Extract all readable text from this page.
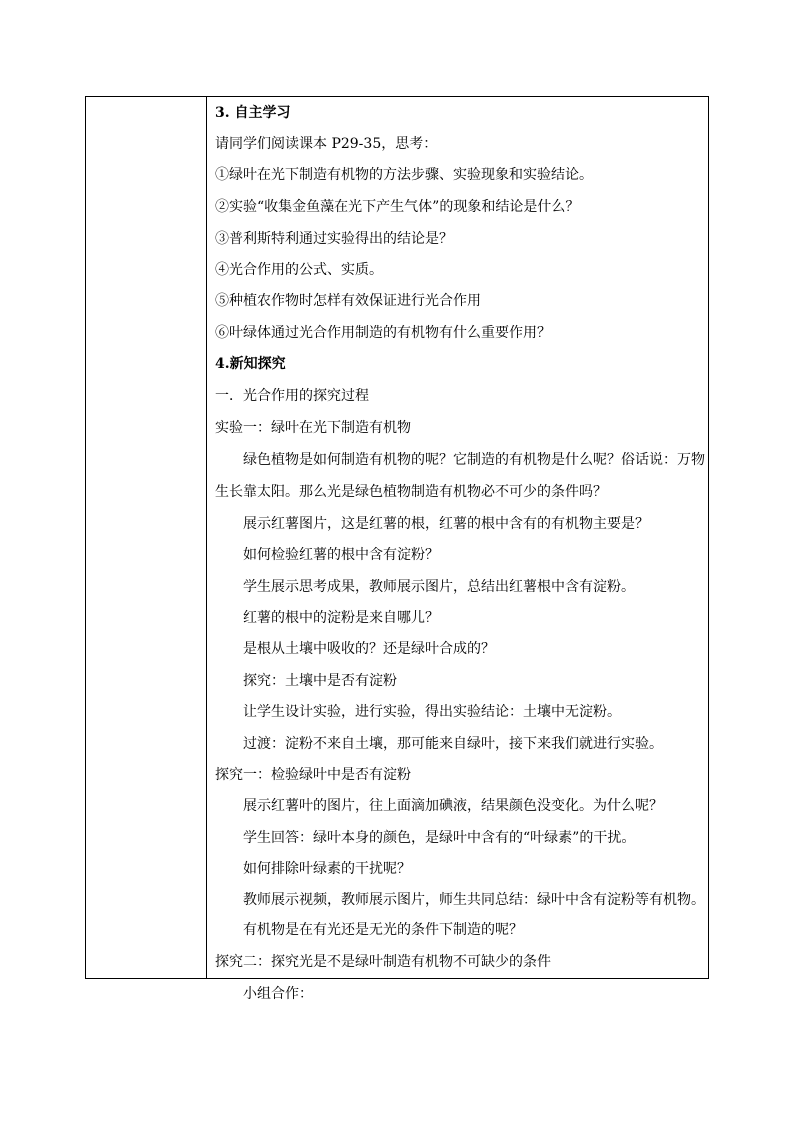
3. 自主学习
请同学们阅读课本 P29-35，思考：
①绿叶在光下制造有机物的方法步骤、实验现象和实验结论。
②实验“收集金鱼藻在光下产生气体”的现象和结论是什么？
③普利斯特利通过实验得出的结论是？
④光合作用的公式、实质。
⑤种植农作物时怎样有效保证进行光合作用
⑥叶绿体通过光合作用制造的有机物有什么重要作用？
4.新知探究
一．光合作用的探究过程
实验一：绿叶在光下制造有机物
绿色植物是如何制造有机物的呢？它制造的有机物是什么呢？俗话说：万物
生长靠太阳。那么光是绿色植物制造有机物必不可少的条件吗？
展示红薯图片，这是红薯的根，红薯的根中含有的有机物主要是？
如何检验红薯的根中含有淀粉？
学生展示思考成果，教师展示图片，总结出红薯根中含有淀粉。
红薯的根中的淀粉是来自哪儿？
是根从土壤中吸收的？还是绿叶合成的？
探究：土壤中是否有淀粉
让学生设计实验，进行实验，得出实验结论：土壤中无淀粉。
过渡：淀粉不来自土壤，那可能来自绿叶，接下来我们就进行实验。
探究一：检验绿叶中是否有淀粉
展示红薯叶的图片，往上面滴加碘液，结果颜色没变化。为什么呢？
学生回答：绿叶本身的颜色，是绿叶中含有的“叶绿素”的干扰。
如何排除叶绿素的干扰呢？
教师展示视频，教师展示图片，师生共同总结：绿叶中含有淀粉等有机物。
有机物是在有光还是无光的条件下制造的呢？
探究二：探究光是不是绿叶制造有机物不可缺少的条件
小组合作：
